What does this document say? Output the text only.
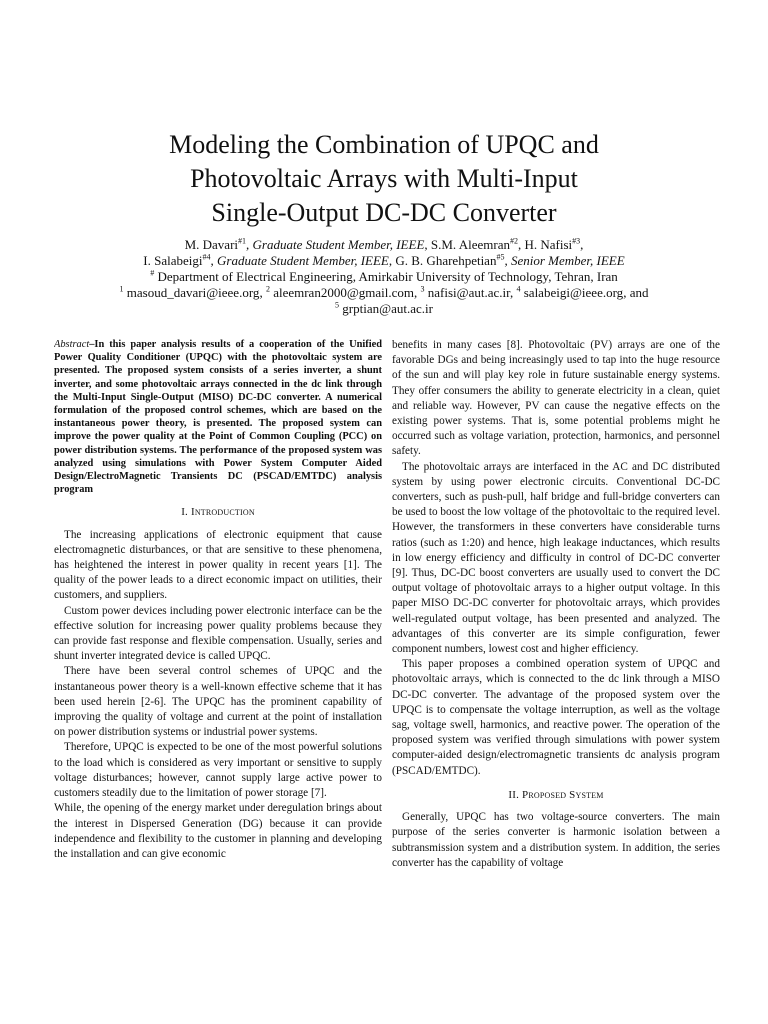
Modeling the Combination of UPQC and
Photovoltaic Arrays with Multi-Input
Single-Output DC-DC Converter
M. Davari$^{\#1}$, Graduate Student Member, IEEE, S.M. Aleemran$^{\#2}$, H. Nafisi$^{\#3}$,
I. Salabeigi$^{\#4}$, Graduate Student Member, IEEE, G. B. Gharehpetian$^{\#5}$, Senior Member, IEEE
# Department of Electrical Engineering, Amirkabir University of Technology, Tehran, Iran
$^1$ masoud_davari@ieee.org, $^2$ aleemran2000@gmail.com, $^3$ nafisi@aut.ac.ir, $^4$ salabeigi@ieee.org, and
$^5$ grptian@aut.ac.ir

Abstract–In this paper analysis results of a cooperation of the Unified Power Quality Conditioner (UPQC) with the photovoltaic system are presented. The proposed system consists of a series inverter, a shunt inverter, and some photovoltaic arrays connected in the dc link through the Multi-Input Single-Output (MISO) DC-DC converter. A numerical formulation of the proposed control schemes, which are based on the instantaneous power theory, is presented. The proposed system can improve the power quality at the Point of Common Coupling (PCC) on power distribution systems. The performance of the proposed system was analyzed using simulations with Power System Computer Aided Design/ElectroMagnetic Transients DC (PSCAD/EMTDC) analysis program

I. Introduction

The increasing applications of electronic equipment that cause electromagnetic disturbances, or that are sensitive to these phenomena, has heightened the interest in power quality in recent years [1]. The quality of the power leads to a direct economic impact on utilities, their customers, and suppliers.

Custom power devices including power electronic interface can be the effective solution for increasing power quality problems because they can provide fast response and flexible compensation. Usually, series and shunt inverter integrated device is called UPQC.

There have been several control schemes of UPQC and the instantaneous power theory is a well-known effective scheme that it has been used herein [2-6]. The UPQC has the prominent capability of improving the quality of voltage and current at the point of installation on power distribution systems or industrial power systems.

Therefore, UPQC is expected to be one of the most powerful solutions to the load which is considered as very important or sensitive to supply voltage disturbances; however, cannot supply large active power to customers steadily due to the limitation of power storage [7].

While, the opening of the energy market under deregulation brings about the interest in Dispersed Generation (DG) because it can provide independence and flexibility to the customer in planning and developing the installation and can give economic

benefits in many cases [8]. Photovoltaic (PV) arrays are one of the favorable DGs and being increasingly used to tap into the huge resource of the sun and will play key role in future sustainable energy systems. They offer consumers the ability to generate electricity in a clean, quiet and reliable way. However, PV can cause the negative effects on the existing power systems. That is, some potential problems might he occurred such as voltage variation, protection, harmonics, and personnel safety.

The photovoltaic arrays are interfaced in the AC and DC distributed system by using power electronic circuits. Conventional DC-DC converters, such as push-pull, half bridge and full-bridge converters can be used to boost the low voltage of the photovoltaic to the required level. However, the transformers in these converters have considerable turns ratios (such as 1:20) and hence, high leakage inductances, which results in low energy efficiency and difficulty in control of DC-DC converter [9]. Thus, DC-DC boost converters are usually used to convert the DC output voltage of photovoltaic arrays to a higher output voltage. In this paper MISO DC-DC converter for photovoltaic arrays, which provides well-regulated output voltage, has been presented and analyzed. The advantages of this converter are its simple configuration, fewer component numbers, lowest cost and higher efficiency.

This paper proposes a combined operation system of UPQC and photovoltaic arrays, which is connected to the dc link through a MISO DC-DC converter. The advantage of the proposed system over the UPQC is to compensate the voltage interruption, as well as the voltage sag, voltage swell, harmonics, and reactive power. The operation of the proposed system was verified through simulations with power system computer-aided design/electromagnetic transients dc analysis program (PSCAD/EMTDC).

II. Proposed System

Generally, UPQC has two voltage-source converters. The main purpose of the series converter is harmonic isolation between a subtransmission system and a distribution system. In addition, the series converter has the capability of voltage
